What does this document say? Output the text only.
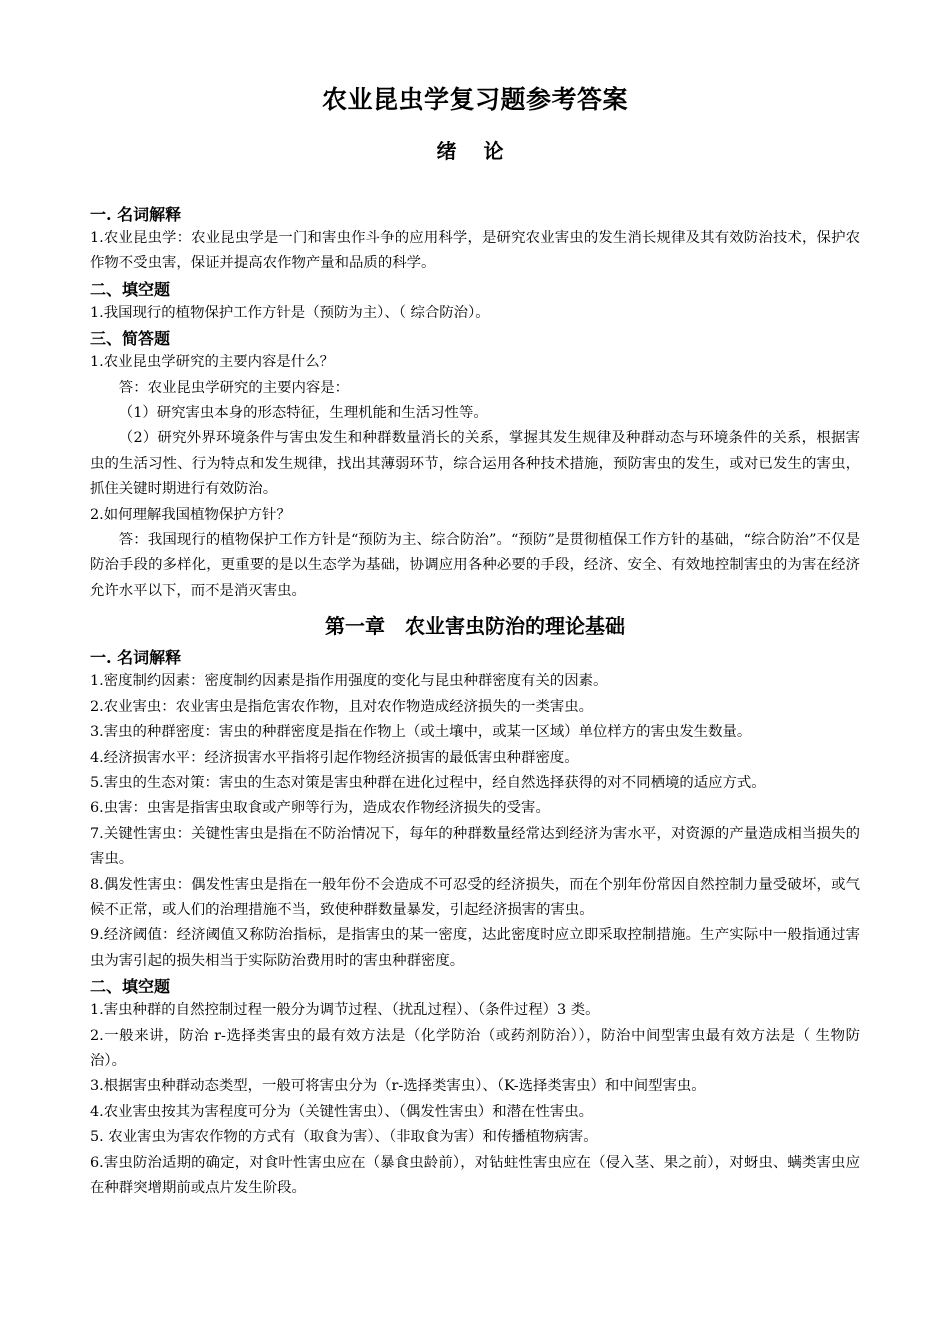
农业昆虫学复习题参考答案
绪 论
一. 名词解释

1.农业昆虫学：农业昆虫学是一门和害虫作斗争的应用科学，是研究农业害虫的发生消长规律及其有效防治技术，保护农作物不受虫害，保证并提高农作物产量和品质的科学。

二、填空题

1.我国现行的植物保护工作方针是（预防为主）、（ 综合防治）。

三、简答题

1.农业昆虫学研究的主要内容是什么？

答：农业昆虫学研究的主要内容是：

（1）研究害虫本身的形态特征，生理机能和生活习性等。

（2）研究外界环境条件与害虫发生和种群数量消长的关系，掌握其发生规律及种群动态与环境条件的关系，根据害虫的生活习性、行为特点和发生规律，找出其薄弱环节，综合运用各种技术措施，预防害虫的发生，或对已发生的害虫，抓住关键时期进行有效防治。

2.如何理解我国植物保护方针？

答：我国现行的植物保护工作方针是“预防为主、综合防治”。“预防”是贯彻植保工作方针的基础，“综合防治”不仅是防治手段的多样化，更重要的是以生态学为基础，协调应用各种必要的手段，经济、安全、有效地控制害虫的为害在经济允许水平以下，而不是消灭害虫。

第一章　农业害虫防治的理论基础
一. 名词解释

1.密度制约因素：密度制约因素是指作用强度的变化与昆虫种群密度有关的因素。

2.农业害虫：农业害虫是指危害农作物，且对农作物造成经济损失的一类害虫。

3.害虫的种群密度：害虫的种群密度是指在作物上（或土壤中，或某一区域）单位样方的害虫发生数量。

4.经济损害水平：经济损害水平指将引起作物经济损害的最低害虫种群密度。

5.害虫的生态对策：害虫的生态对策是害虫种群在进化过程中，经自然选择获得的对不同栖境的适应方式。

6.虫害：虫害是指害虫取食或产卵等行为，造成农作物经济损失的受害。

7.关键性害虫：关键性害虫是指在不防治情况下，每年的种群数量经常达到经济为害水平，对资源的产量造成相当损失的害虫。

8.偶发性害虫：偶发性害虫是指在一般年份不会造成不可忍受的经济损失，而在个别年份常因自然控制力量受破坏，或气候不正常，或人们的治理措施不当，致使种群数量暴发，引起经济损害的害虫。

9.经济阈值：经济阈值又称防治指标，是指害虫的某一密度，达此密度时应立即采取控制措施。生产实际中一般指通过害虫为害引起的损失相当于实际防治费用时的害虫种群密度。

二、填空题

1.害虫种群的自然控制过程一般分为调节过程、（扰乱过程）、（条件过程）3 类。

2.一般来讲，防治 r-选择类害虫的最有效方法是（化学防治（或药剂防治）），防治中间型害虫最有效方法是（ 生物防治）。

3.根据害虫种群动态类型，一般可将害虫分为（r-选择类害虫）、（K-选择类害虫）和中间型害虫。

4.农业害虫按其为害程度可分为（关键性害虫）、（偶发性害虫）和潜在性害虫。

5. 农业害虫为害农作物的方式有（取食为害）、（非取食为害）和传播植物病害。

6.害虫防治适期的确定，对食叶性害虫应在（暴食虫龄前），对钻蛀性害虫应在（侵入茎、果之前），对蚜虫、螨类害虫应在种群突增期前或点片发生阶段。
